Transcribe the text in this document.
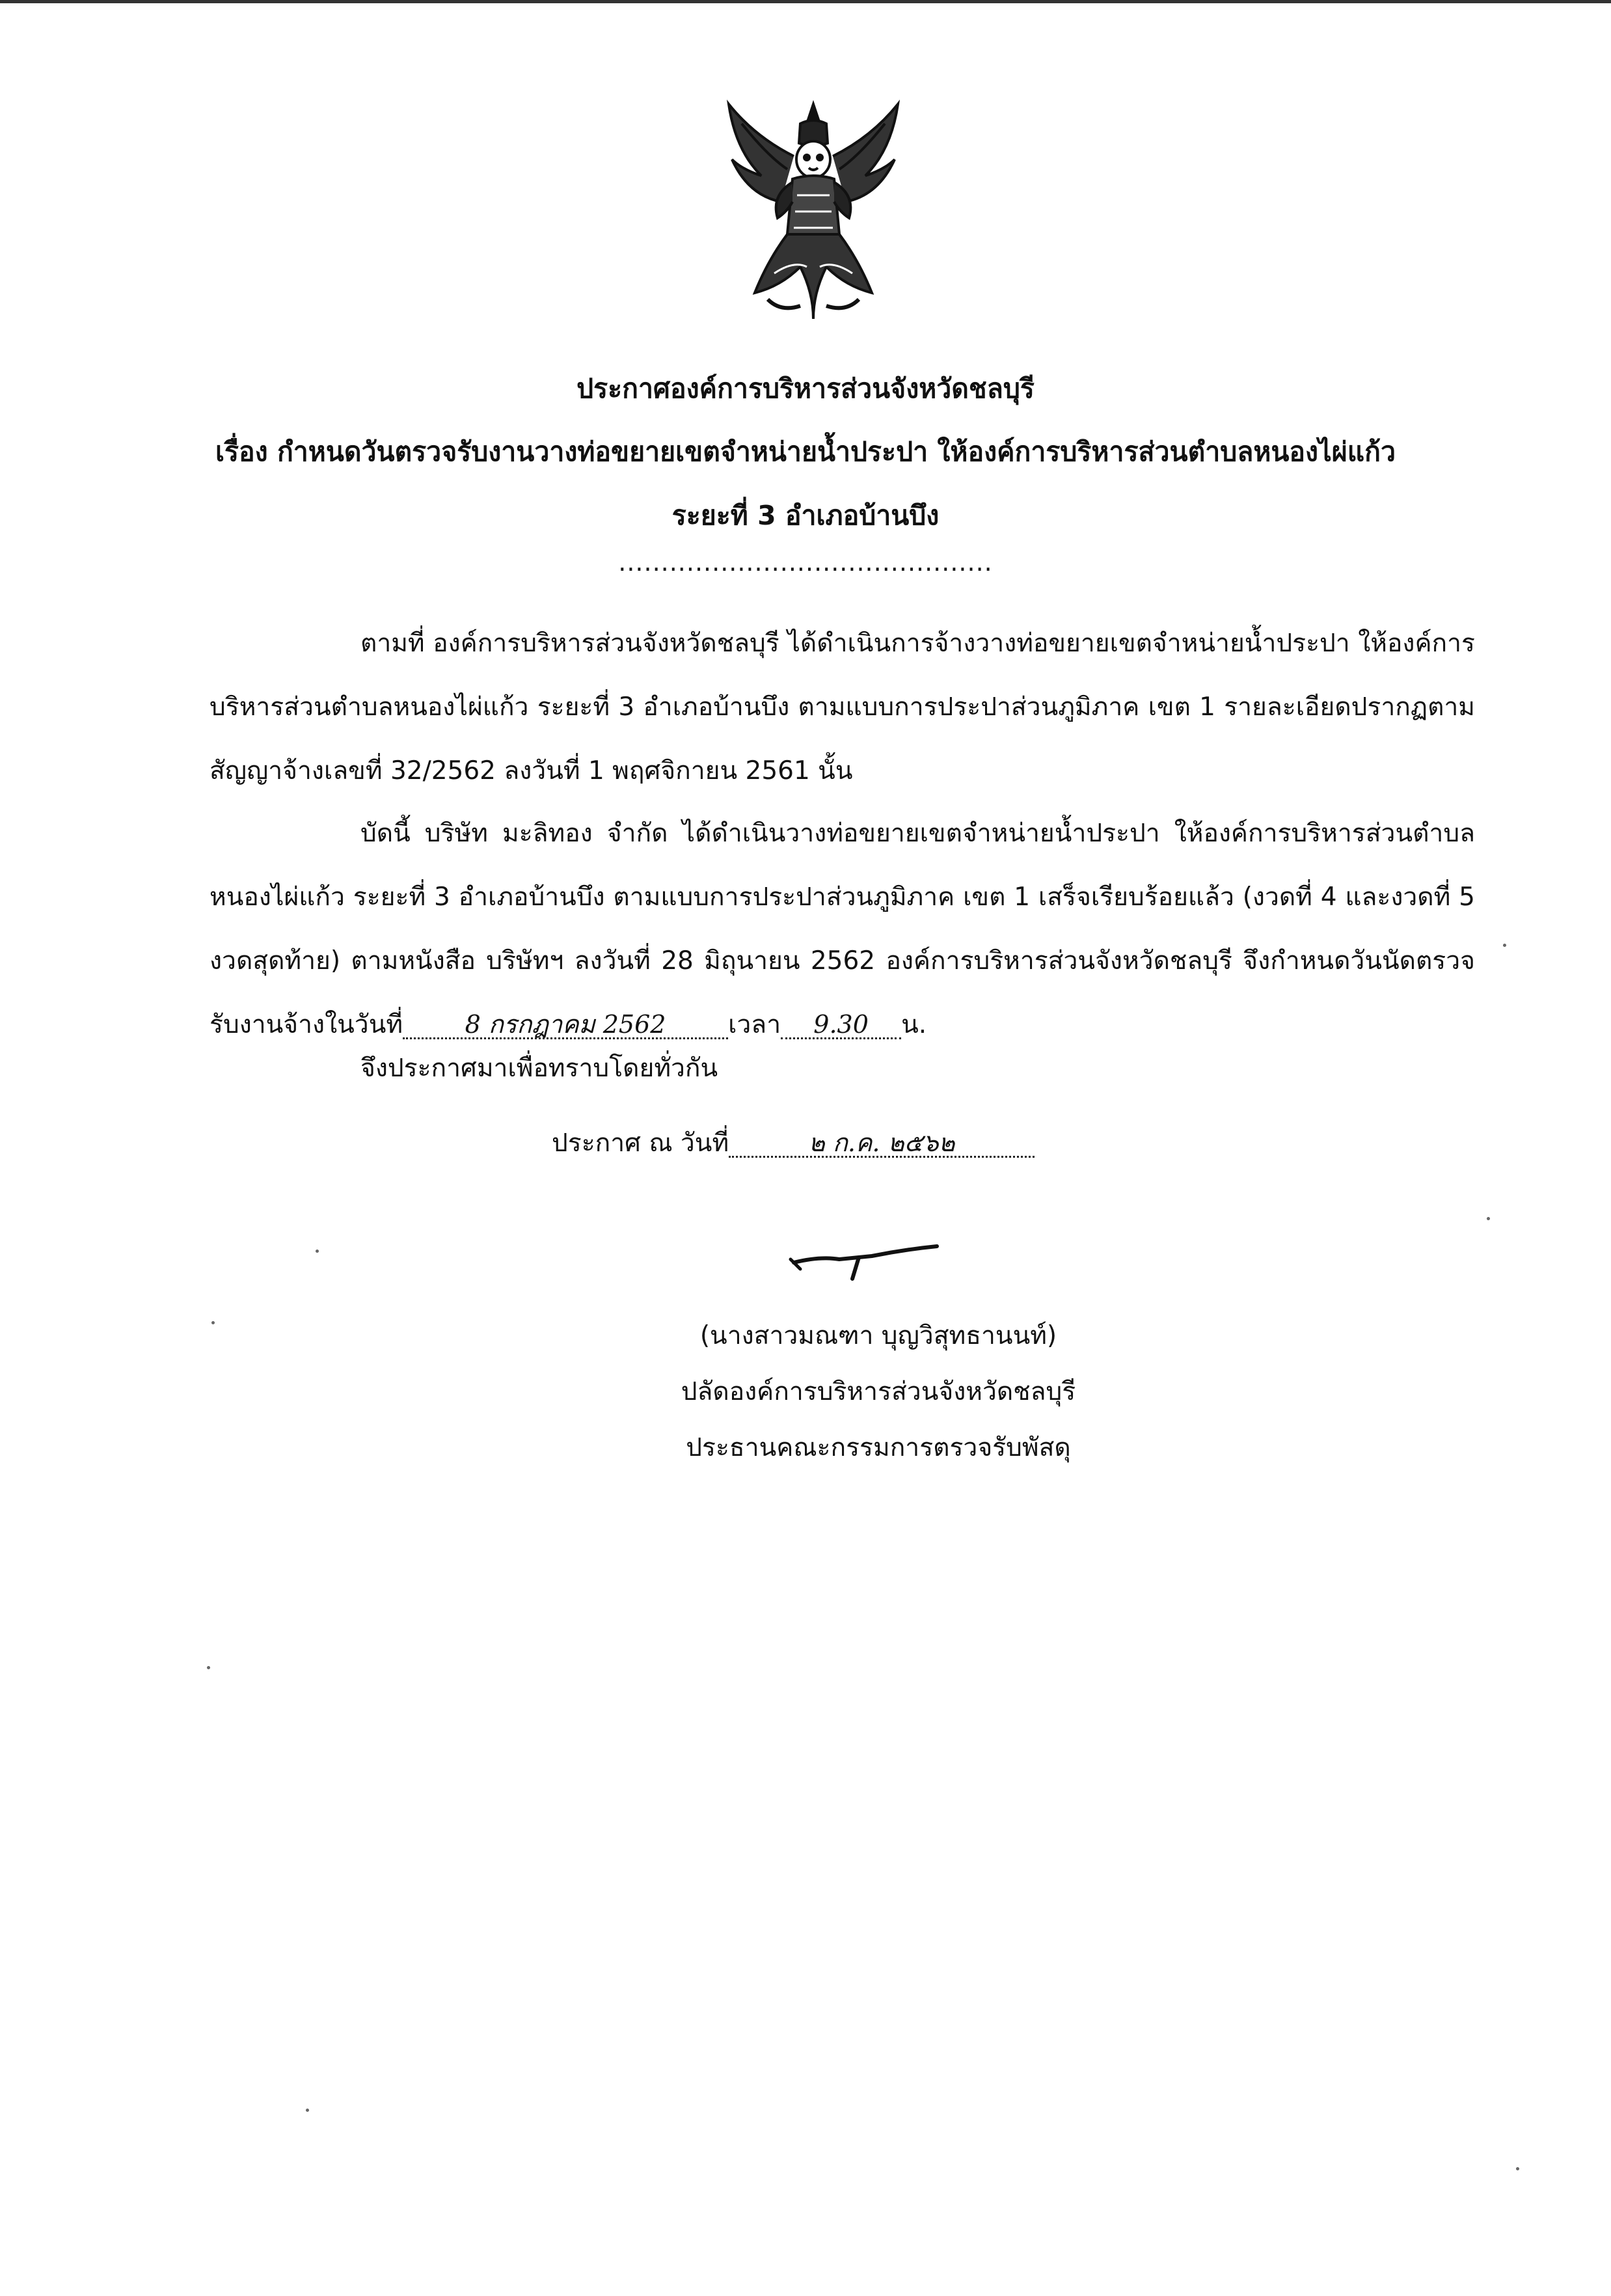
ประกาศองค์การบริหารส่วนจังหวัดชลบุรี
เรื่อง กำหนดวันตรวจรับงานวางท่อขยายเขตจำหน่ายน้ำประปา ให้องค์การบริหารส่วนตำบลหนองไผ่แก้ว
ระยะที่ 3 อำเภอบ้านบึง
............................................
ตามที่ องค์การบริหารส่วนจังหวัดชลบุรี ได้ดำเนินการจ้างวางท่อขยายเขตจำหน่ายน้ำประปา ให้องค์การบริหารส่วนตำบลหนองไผ่แก้ว ระยะที่ 3 อำเภอบ้านบึง ตามแบบการประปาส่วนภูมิภาค เขต 1 รายละเอียดปรากฏตามสัญญาจ้างเลขที่ 32/2562 ลงวันที่ 1 พฤศจิกายน 2561 นั้น
บัดนี้ บริษัท มะลิทอง จำกัด ได้ดำเนินวางท่อขยายเขตจำหน่ายน้ำประปา ให้องค์การบริหารส่วนตำบลหนองไผ่แก้ว ระยะที่ 3 อำเภอบ้านบึง ตามแบบการประปาส่วนภูมิภาค เขต 1 เสร็จเรียบร้อยแล้ว (งวดที่ 4 และงวดที่ 5 งวดสุดท้าย) ตามหนังสือ บริษัทฯ ลงวันที่ 28 มิถุนายน 2562 องค์การบริหารส่วนจังหวัดชลบุรี จึงกำหนดวันนัดตรวจรับงานจ้างในวันที่	8 กรกฎาคม 2562 เวลา 9.30 น.
จึงประกาศมาเพื่อทราบโดยทั่วกัน
ประกาศ ณ วันที่	๒ ก.ค. ๒๕๖๒
(นางสาวมณฑา บุญวิสุทธานนท์)
ปลัดองค์การบริหารส่วนจังหวัดชลบุรี
ประธานคณะกรรมการตรวจรับพัสดุ
